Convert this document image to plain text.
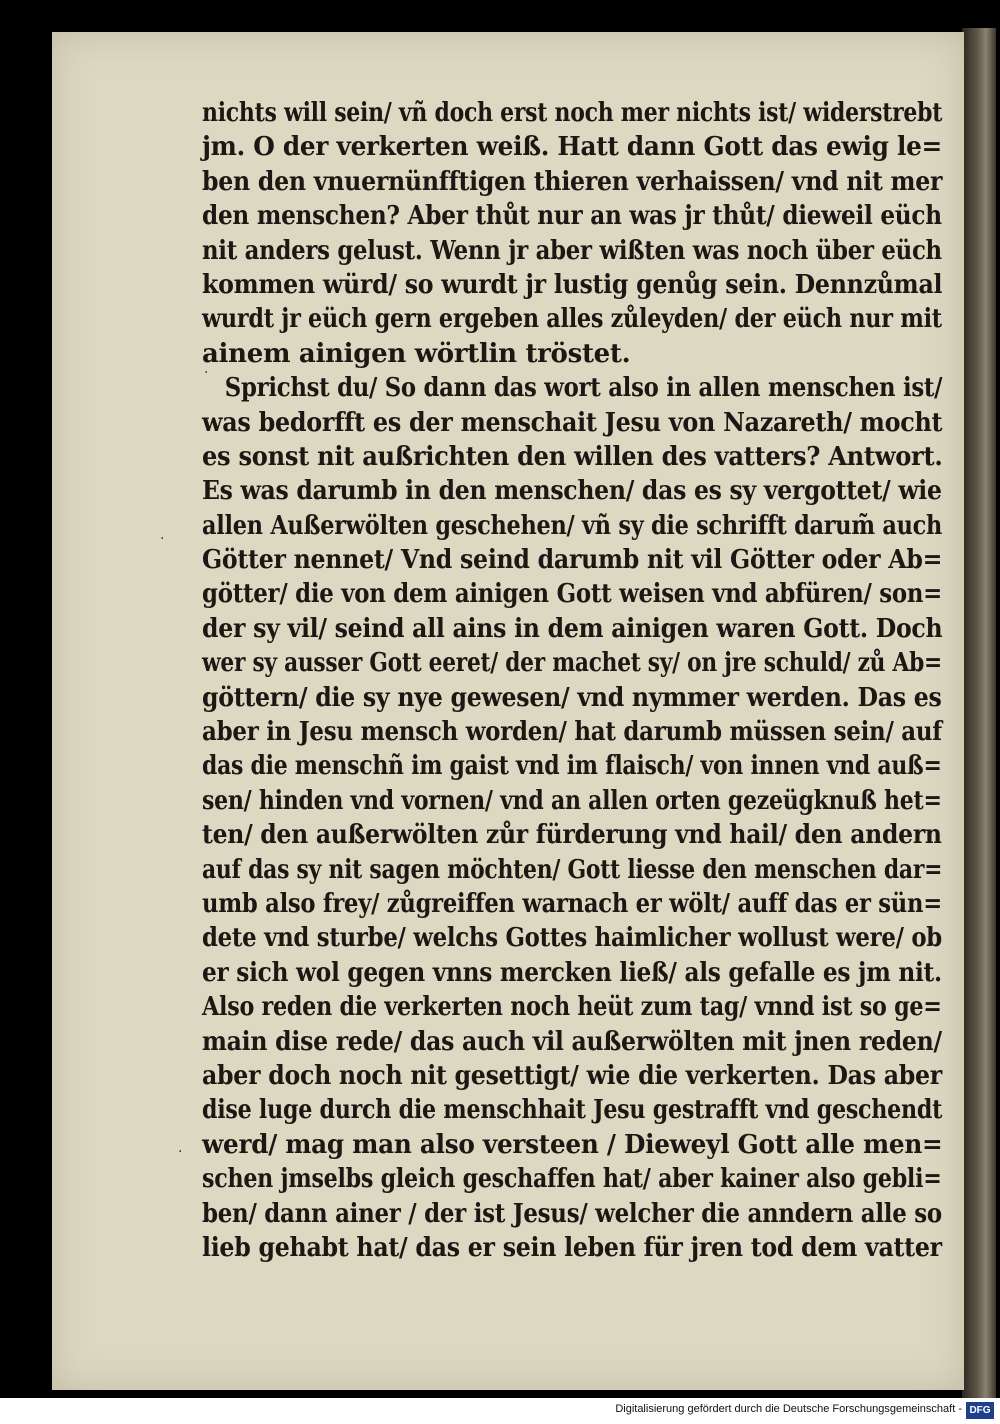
nichts will sein/ vñ doch erst noch mer nichts ist/ widerstrebt
jm. O der verkerten weiß. Hatt dann Gott das ewig le=
ben den vnuernünfftigen thieren verhaissen/ vnd nit mer
den menschen? Aber thůt nur an was jr thůt/ dieweil eüch
nit anders gelust. Wenn jr aber wißten was noch über eüch
kommen würd/ so wurdt jr lustig genůg sein. Dennzůmal
wurdt jr eüch gern ergeben alles zůleyden/ der eüch nur mit
ainem ainigen wörtlin tröstet.
Sprichst du/ So dann das wort also in allen menschen ist/
was bedorfft es der menschait Jesu von Nazareth/ mocht
es sonst nit außrichten den willen des vatters? Antwort.
Es was darumb in den menschen/ das es sy vergottet/ wie
allen Außerwölten geschehen/ vñ sy die schrifft darum̃ auch
Götter nennet/ Vnd seind darumb nit vil Götter oder Ab=
götter/ die von dem ainigen Gott weisen vnd abfüren/ son=
der sy vil/ seind all ains in dem ainigen waren Gott. Doch
wer sy ausser Gott eeret/ der machet sy/ on jre schuld/ zů Ab=
göttern/ die sy nye gewesen/ vnd nymmer werden. Das es
aber in Jesu mensch worden/ hat darumb müssen sein/ auf
das die menschñ im gaist vnd im flaisch/ von innen vnd auß=
sen/ hinden vnd vornen/ vnd an allen orten gezeügknuß het=
ten/ den außerwölten zůr fürderung vnd hail/ den andern
auf das sy nit sagen möchten/ Gott liesse den menschen dar=
umb also frey/ zůgreiffen warnach er wölt/ auff das er sün=
dete vnd sturbe/ welchs Gottes haimlicher wollust were/ ob
er sich wol gegen vnns mercken ließ/ als gefalle es jm nit.
Also reden die verkerten noch heüt zum tag/ vnnd ist so ge=
main dise rede/ das auch vil außerwölten mit jnen reden/
aber doch noch nit gesettigt/ wie die verkerten. Das aber
dise luge durch die menschhait Jesu gestrafft vnd geschendt
werd/ mag man also versteen / Dieweyl Gott alle men=
schen jmselbs gleich geschaffen hat/ aber kainer also gebli=
ben/ dann ainer / der ist Jesus/ welcher die anndern alle so
lieb gehabt hat/ das er sein leben für jren tod dem vatter
·
·
·
Digitalisierung gefördert durch die Deutsche Forschungsgemeinschaft - DFG
